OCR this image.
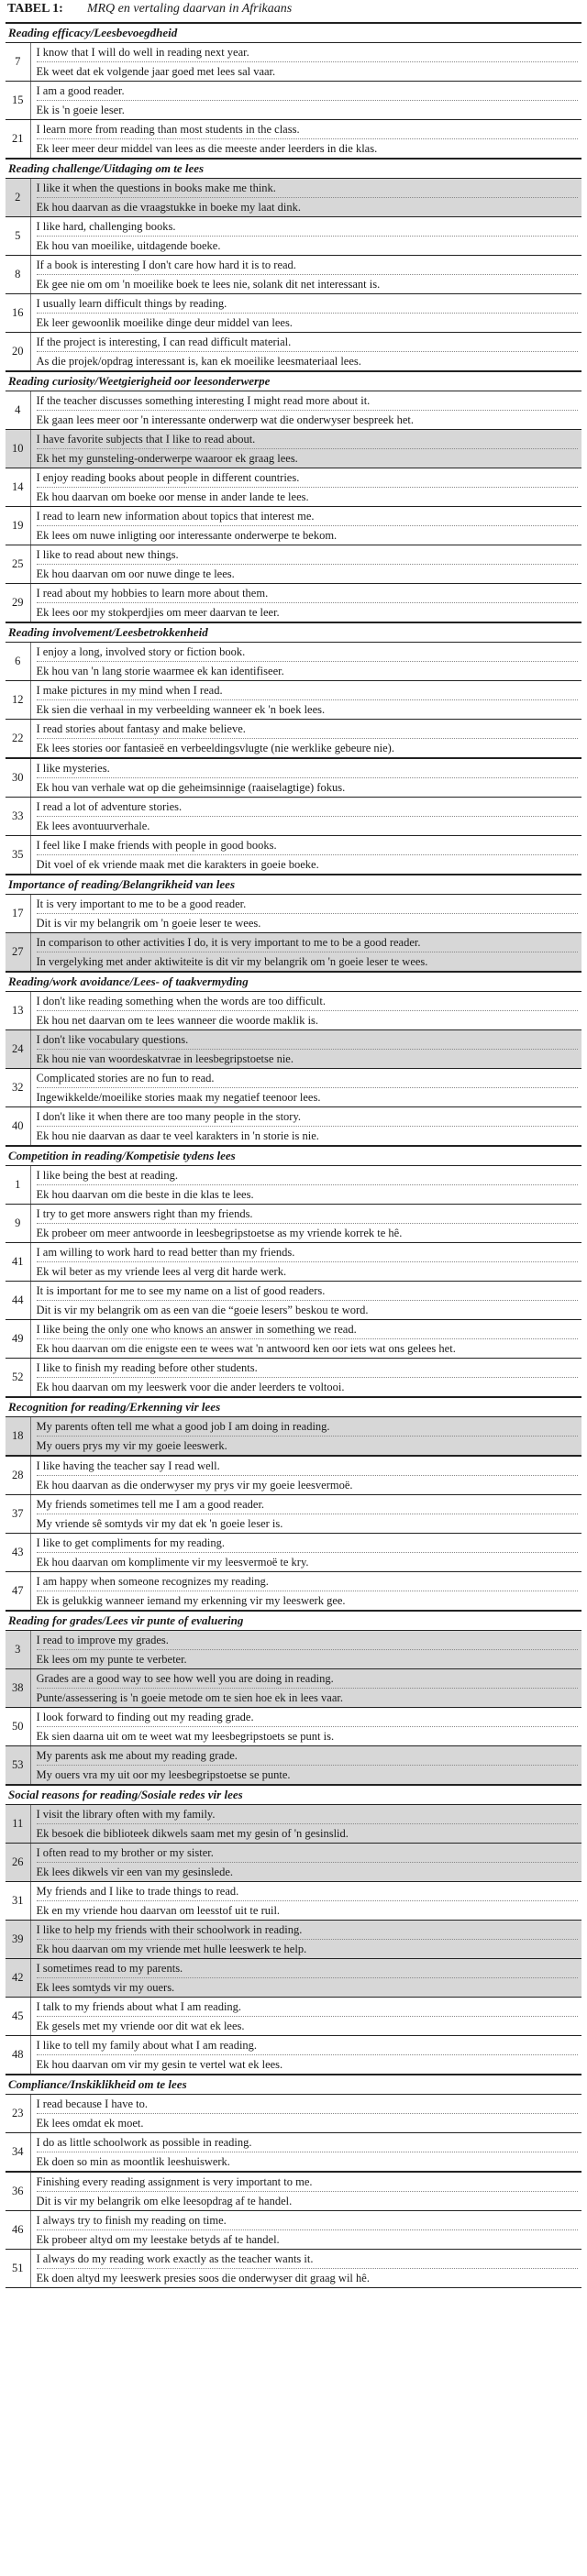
TABEL 1: MRQ en vertaling daarvan in Afrikaans
Reading efficacy/Leesbevoegdheid	
7	I know that I will do well in reading next year.
Ek weet dat ek volgende jaar goed met lees sal vaar.

15	I am a good reader.
Ek is 'n goeie leser.

21	I learn more from reading than most students in the class.
Ek leer meer deur middel van lees as die meeste ander leerders in die klas.

Reading challenge/Uitdaging om te lees	
2	I like it when the questions in books make me think.
Ek hou daarvan as die vraagstukke in boeke my laat dink.

5	I like hard, challenging books.
Ek hou van moeilike, uitdagende boeke.

8	If a book is interesting I don't care how hard it is to read.
Ek gee nie om om 'n moeilike boek te lees nie, solank dit net interessant is.

16	I usually learn difficult things by reading.
Ek leer gewoonlik moeilike dinge deur middel van lees.

20	If the project is interesting, I can read difficult material.
As die projek/opdrag interessant is, kan ek moeilike leesmateriaal lees.

Reading curiosity/Weetgierigheid oor leesonderwerpe	
4	If the teacher discusses something interesting I might read more about it.
Ek gaan lees meer oor 'n interessante onderwerp wat die onderwyser bespreek het.

10	I have favorite subjects that I like to read about.
Ek het my gunsteling-onderwerpe waaroor ek graag lees.

14	I enjoy reading books about people in different countries.
Ek hou daarvan om boeke oor mense in ander lande te lees.

19	I read to learn new information about topics that interest me.
Ek lees om nuwe inligting oor interessante onderwerpe te bekom.

25	I like to read about new things.
Ek hou daarvan om oor nuwe dinge te lees.

29	I read about my hobbies to learn more about them.
Ek lees oor my stokperdjies om meer daarvan te leer.

Reading involvement/Leesbetrokkenheid	
6	I enjoy a long, involved story or fiction book.
Ek hou van 'n lang storie waarmee ek kan identifiseer.

12	I make pictures in my mind when I read.
Ek sien die verhaal in my verbeelding wanneer ek 'n boek lees.

22	I read stories about fantasy and make believe.
Ek lees stories oor fantasieë en verbeeldingsvlugte (nie werklike gebeure nie).

30	I like mysteries.
Ek hou van verhale wat op die geheimsinnige (raaiselagtige) fokus.

33	I read a lot of adventure stories.
Ek lees avontuurverhale.

35	I feel like I make friends with people in good books.
Dit voel of ek vriende maak met die karakters in goeie boeke.

Importance of reading/Belangrikheid van lees	
17	It is very important to me to be a good reader.
Dit is vir my belangrik om 'n goeie leser te wees.

27	In comparison to other activities I do, it is very important to me to be a good reader.
In vergelyking met ander aktiwiteite is dit vir my belangrik om 'n goeie leser te wees.

Reading/work avoidance/Lees- of taakvermyding	
13	I don't like reading something when the words are too difficult.
Ek hou net daarvan om te lees wanneer die woorde maklik is.

24	I don't like vocabulary questions.
Ek hou nie van woordeskatvrae in leesbegripstoetse nie.

32	Complicated stories are no fun to read.
Ingewikkelde/moeilike stories maak my negatief teenoor lees.

40	I don't like it when there are too many people in the story.
Ek hou nie daarvan as daar te veel karakters in 'n storie is nie.

Competition in reading/Kompetisie tydens lees	
1	I like being the best at reading.
Ek hou daarvan om die beste in die klas te lees.

9	I try to get more answers right than my friends.
Ek probeer om meer antwoorde in leesbegripstoetse as my vriende korrek te hê.

41	I am willing to work hard to read better than my friends.
Ek wil beter as my vriende lees al verg dit harde werk.

44	It is important for me to see my name on a list of good readers.
Dit is vir my belangrik om as een van die “goeie lesers” beskou te word.

49	I like being the only one who knows an answer in something we read.
Ek hou daarvan om die enigste een te wees wat 'n antwoord ken oor iets wat ons gelees het.

52	I like to finish my reading before other students.
Ek hou daarvan om my leeswerk voor die ander leerders te voltooi.

Recognition for reading/Erkenning vir lees	
18	My parents often tell me what a good job I am doing in reading.
My ouers prys my vir my goeie leeswerk.

28	I like having the teacher say I read well.
Ek hou daarvan as die onderwyser my prys vir my goeie leesvermoë.

37	My friends sometimes tell me I am a good reader.
My vriende sê somtyds vir my dat ek 'n goeie leser is.

43	I like to get compliments for my reading.
Ek hou daarvan om komplimente vir my leesvermoë te kry.

47	I am happy when someone recognizes my reading.
Ek is gelukkig wanneer iemand my erkenning vir my leeswerk gee.

Reading for grades/Lees vir punte of evaluering	
3	I read to improve my grades.
Ek lees om my punte te verbeter.

38	Grades are a good way to see how well you are doing in reading.
Punte/assessering is 'n goeie metode om te sien hoe ek in lees vaar.

50	I look forward to finding out my reading grade.
Ek sien daarna uit om te weet wat my leesbegripstoets se punt is.

53	My parents ask me about my reading grade.
My ouers vra my uit oor my leesbegripstoetse se punte.

Social reasons for reading/Sosiale redes vir lees	
11	I visit the library often with my family.
Ek besoek die biblioteek dikwels saam met my gesin of 'n gesinslid.

26	I often read to my brother or my sister.
Ek lees dikwels vir een van my gesinslede.

31	My friends and I like to trade things to read.
Ek en my vriende hou daarvan om leesstof uit te ruil.

39	I like to help my friends with their schoolwork in reading.
Ek hou daarvan om my vriende met hulle leeswerk te help.

42	I sometimes read to my parents.
Ek lees somtyds vir my ouers.

45	I talk to my friends about what I am reading.
Ek gesels met my vriende oor dit wat ek lees.

48	I like to tell my family about what I am reading.
Ek hou daarvan om vir my gesin te vertel wat ek lees.

Compliance/Inskiklikheid om te lees	
23	I read because I have to.
Ek lees omdat ek moet.

34	I do as little schoolwork as possible in reading.
Ek doen so min as moontlik leeshuiswerk.

36	Finishing every reading assignment is very important to me.
Dit is vir my belangrik om elke leesopdrag af te handel.

46	I always try to finish my reading on time.
Ek probeer altyd om my leestake betyds af te handel.

51	I always do my reading work exactly as the teacher wants it.
Ek doen altyd my leeswerk presies soos die onderwyser dit graag wil hê.
